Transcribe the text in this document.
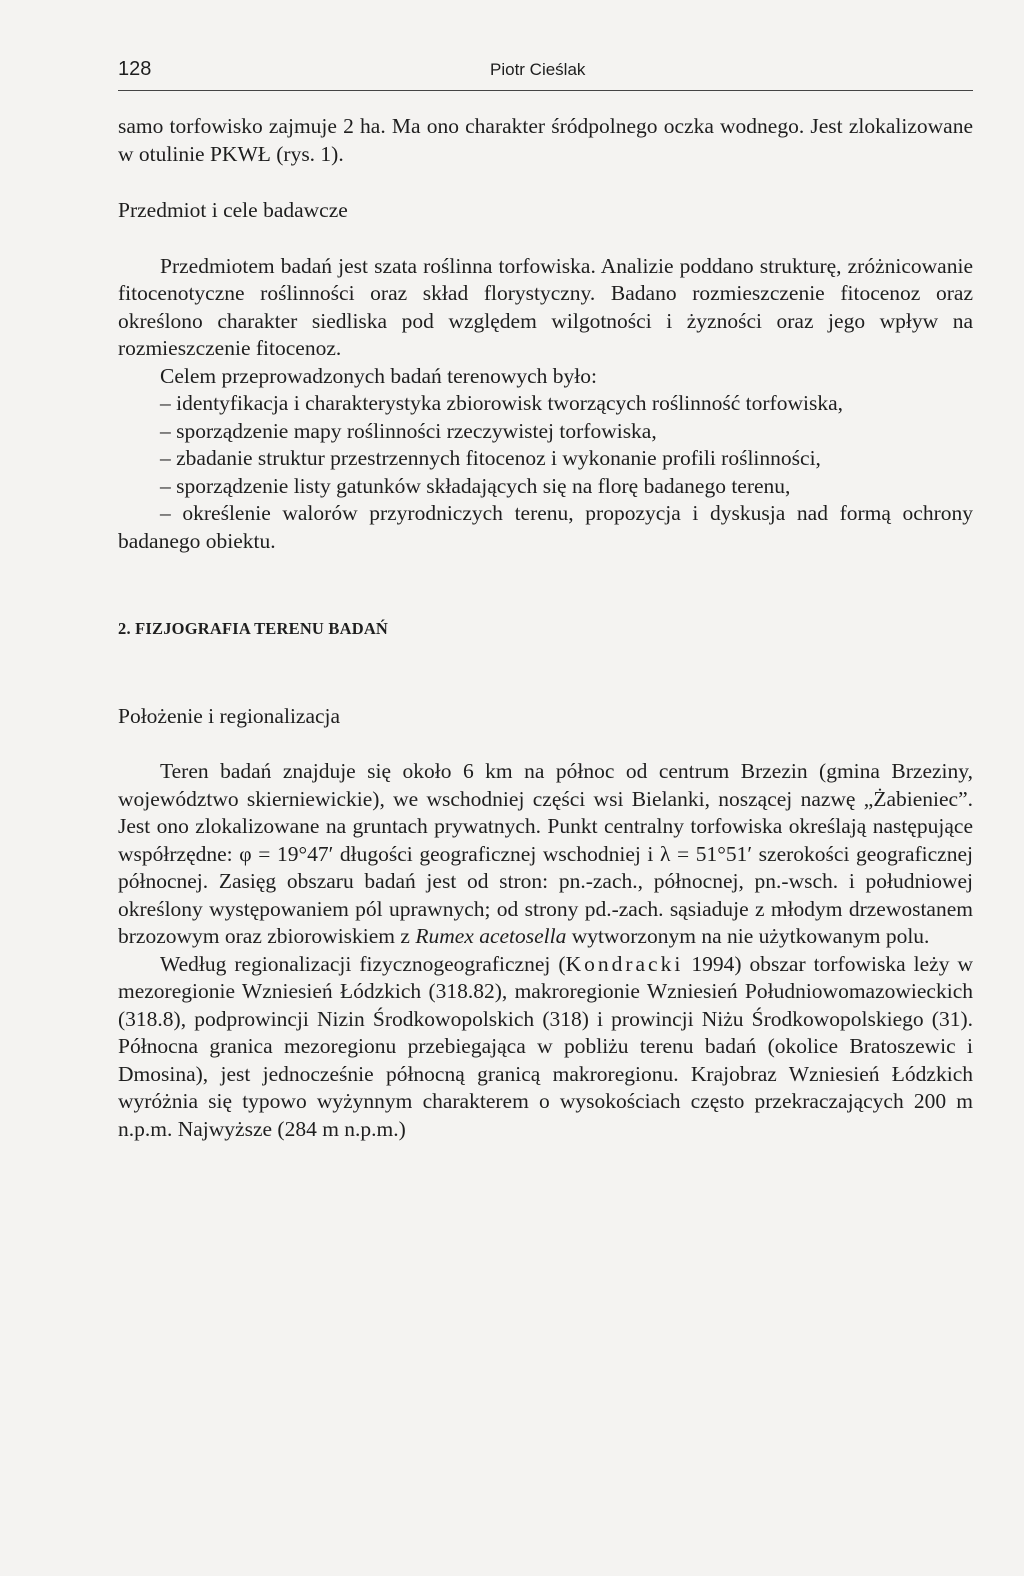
128	Piotr Cieślak

samo torfowisko zajmuje 2 ha. Ma ono charakter śródpolnego oczka wodnego. Jest zlokalizowane w otulinie PKWŁ (rys. 1).

Przedmiot i cele badawcze

Przedmiotem badań jest szata roślinna torfowiska. Analizie poddano strukturę, zróżnicowanie fitocenotyczne roślinności oraz skład florystyczny. Badano rozmieszczenie fitocenoz oraz określono charakter siedliska pod względem wilgotności i żyzności oraz jego wpływ na rozmieszczenie fitocenoz.

Celem przeprowadzonych badań terenowych było:

– identyfikacja i charakterystyka zbiorowisk tworzących roślinność torfowiska,

– sporządzenie mapy roślinności rzeczywistej torfowiska,

– zbadanie struktur przestrzennych fitocenoz i wykonanie profili roślinności,

– sporządzenie listy gatunków składających się na florę badanego terenu,

– określenie walorów przyrodniczych terenu, propozycja i dyskusja nad formą ochrony badanego obiektu.

2. FIZJOGRAFIA TERENU BADAŃ

Położenie i regionalizacja

Teren badań znajduje się około 6 km na północ od centrum Brzezin (gmina Brzeziny, województwo skierniewickie), we wschodniej części wsi Bielanki, noszącej nazwę „Żabieniec”. Jest ono zlokalizowane na gruntach prywatnych. Punkt centralny torfowiska określają następujące współrzędne: φ = 19°47′ długości geograficznej wschodniej i λ = 51°51′ szerokości geograficznej północnej. Zasięg obszaru badań jest od stron: pn.-zach., północnej, pn.-wsch. i południowej określony występowaniem pól uprawnych; od strony pd.-zach. sąsiaduje z młodym drzewostanem brzozowym oraz zbiorowiskiem z Rumex acetosella wytworzonym na nie użytkowanym polu.

Według regionalizacji fizycznogeograficznej (Kondracki 1994) obszar torfowiska leży w mezoregionie Wzniesień Łódzkich (318.82), makroregionie Wzniesień Południowomazowieckich (318.8), podprowincji Nizin Środkowopolskich (318) i prowincji Niżu Środkowopolskiego (31). Północna granica mezoregionu przebiegająca w pobliżu terenu badań (okolice Bratoszewic i Dmosina), jest jednocześnie północną granicą makroregionu. Krajobraz Wzniesień Łódzkich wyróżnia się typowo wyżynnym charakterem o wysokościach często przekraczających 200 m n.p.m. Najwyższe (284 m n.p.m.)
